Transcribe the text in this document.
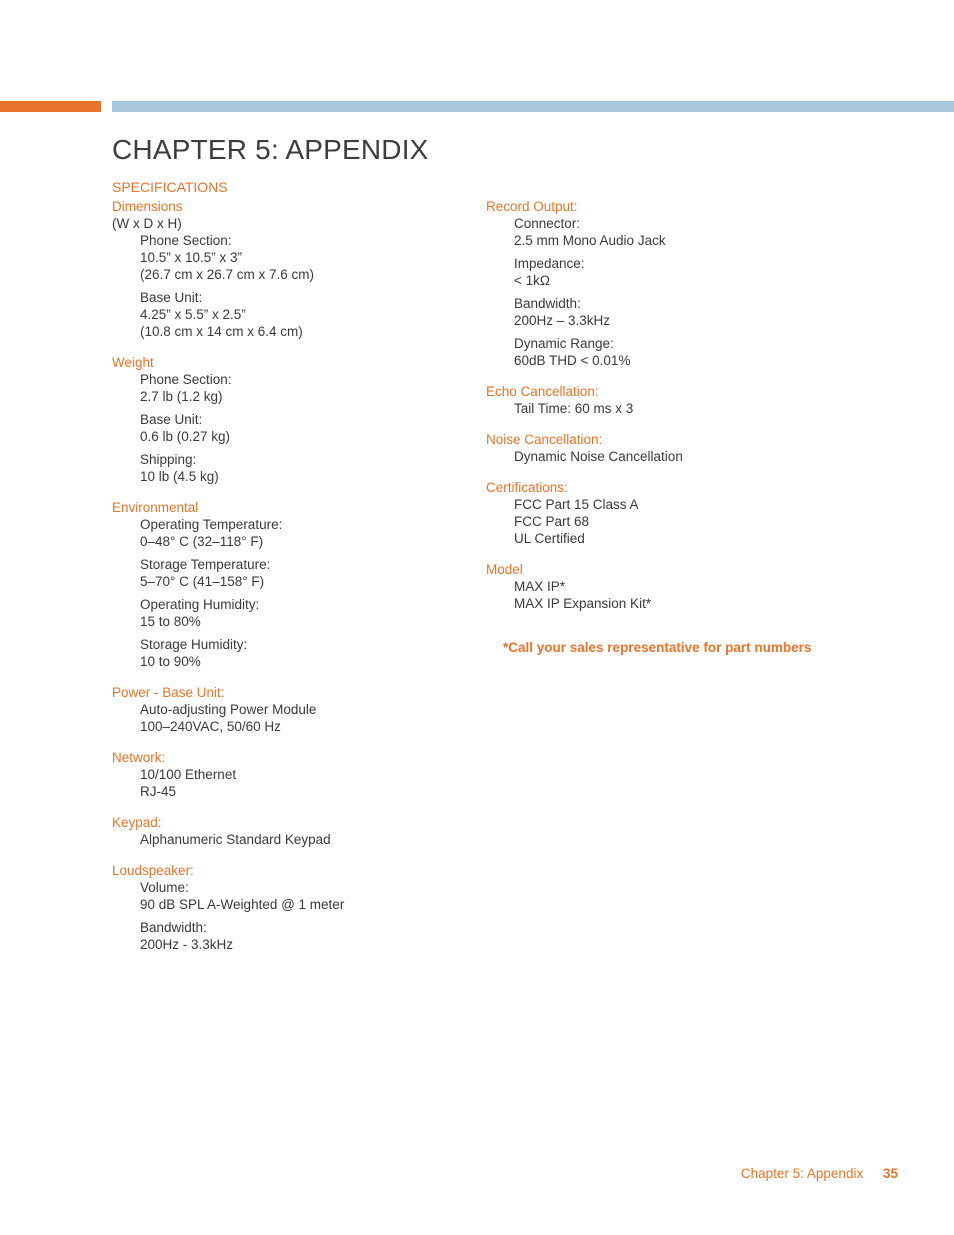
CHAPTER 5: APPENDIX
SPECIFICATIONS
Dimensions
(W x D x H)
Phone Section:
10.5” x 10.5” x 3”
(26.7 cm x 26.7 cm x 7.6 cm)
Base Unit:
4.25” x 5.5” x 2.5”
(10.8 cm x 14 cm x 6.4 cm)
Weight
Phone Section:
2.7 lb (1.2 kg)
Base Unit:
0.6 lb (0.27 kg)
Shipping:
10 lb (4.5 kg)
Environmental
Operating Temperature:
0–48° C (32–118° F)
Storage Temperature:
5–70° C (41–158° F)
Operating Humidity:
15 to 80%
Storage Humidity:
10 to 90%
Power - Base Unit:
Auto-adjusting Power Module
100–240VAC, 50/60 Hz
Network:
10/100 Ethernet
RJ-45
Keypad:
Alphanumeric Standard Keypad
Loudspeaker:
Volume:
90 dB SPL A-Weighted @ 1 meter
Bandwidth:
200Hz - 3.3kHz
Record Output:
Connector:
2.5 mm Mono Audio Jack
Impedance:
< 1kΩ
Bandwidth:
200Hz – 3.3kHz
Dynamic Range:
60dB THD < 0.01%
Echo Cancellation:
Tail Time: 60 ms x 3
Noise Cancellation:
Dynamic Noise Cancellation
Certifications:
FCC Part 15 Class A
FCC Part 68
UL Certified
Model
MAX IP*
MAX IP Expansion Kit*
*Call your sales representative for part numbers
Chapter 5: Appendix 35
